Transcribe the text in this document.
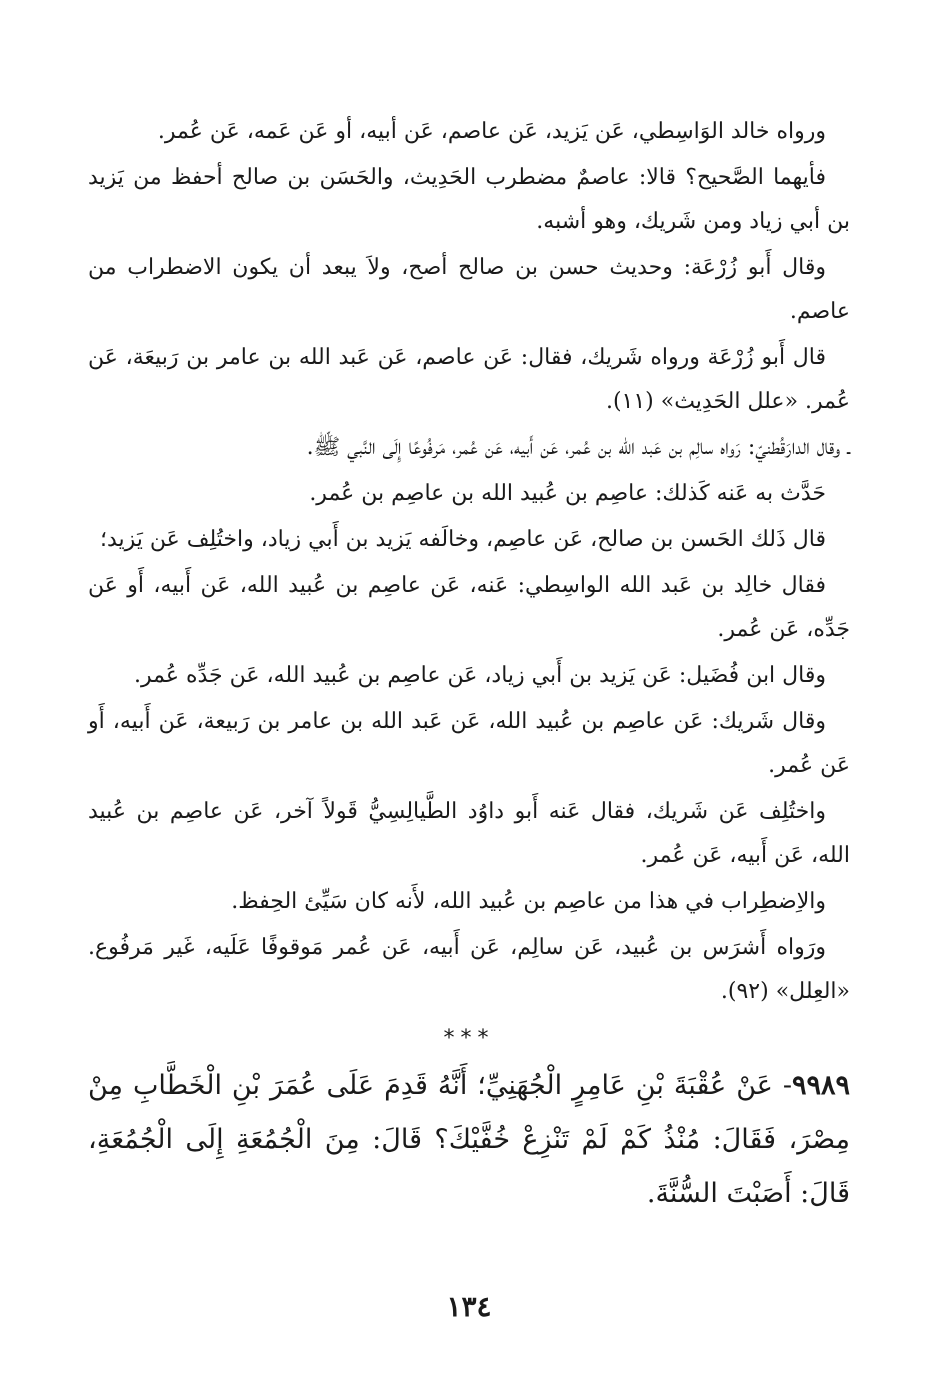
ورواه خالد الوَاسِطي، عَن يَزيد، عَن عاصم، عَن أبيه، أو عَن عَمه، عَن عُمر.

فأيهما الصَّحيح؟ قالا: عاصمٌ مضطرب الحَدِيث، والحَسَن بن صالح أحفظ من يَزيد بن أبي زياد ومن شَريك، وهو أشبه.

وقال أَبو زُرْعَة: وحديث حسن بن صالح أصح، ولاَ يبعد أن يكون الاضطراب من عاصم.

قال أَبو زُرْعَة ورواه شَريك، فقال: عَن عاصم، عَن عَبد الله بن عامر بن رَبيعَة، عَن عُمر. «علل الحَدِيث» (١١).

ـ وقال الدارَقُطنيّ: رَواه سالِم بن عَبد الله بن عُمر، عَن أَبيه، عَن عُمر، مَرفُوعًا إِلَى النَّبي ﷺ.

حَدَّث به عَنه كَذلك: عاصِم بن عُبيد الله بن عاصِم بن عُمر.

قال ذَلك الحَسن بن صالح، عَن عاصِم، وخالَفه يَزيد بن أَبي زياد، واختُلِف عَن يَزيد؛

فقال خالِد بن عَبد الله الواسِطي: عَنه، عَن عاصِم بن عُبيد الله، عَن أَبيه، أَو عَن جَدِّه، عَن عُمر.

وقال ابن فُضَيل: عَن يَزيد بن أَبي زياد، عَن عاصِم بن عُبيد الله، عَن جَدِّه عُمر.

وقال شَريك: عَن عاصِم بن عُبيد الله، عَن عَبد الله بن عامر بن رَبيعة، عَن أَبيه، أَو عَن عُمر.

واختُلِف عَن شَريك، فقال عَنه أَبو داوُد الطَّيالِسِيُّ قَولاً آخر، عَن عاصِم بن عُبيد الله، عَن أَبيه، عَن عُمر.

والاِضطِراب في هذا من عاصِم بن عُبيد الله، لأَنه كان سَيِّئ الحِفظ.

ورَواه أَشرَس بن عُبيد، عَن سالِم، عَن أَبيه، عَن عُمر مَوقوفًا عَلَيه، غَير مَرفُوع. «العِلل» (٩٢).

***

٩٩٨٩- عَنْ عُقْبَةَ بْنِ عَامِرٍ الْجُهَنِيِّ؛ أَنَّهُ قَدِمَ عَلَى عُمَرَ بْنِ الْخَطَّابِ مِنْ مِصْرَ، فَقَالَ: مُنْذُ كَمْ لَمْ تَنْزِعْ خُفَّيْكَ؟ قَالَ: مِنَ الْجُمُعَةِ إِلَى الْجُمُعَةِ، قَالَ: أَصَبْتَ السُّنَّةَ.

١٣٤
